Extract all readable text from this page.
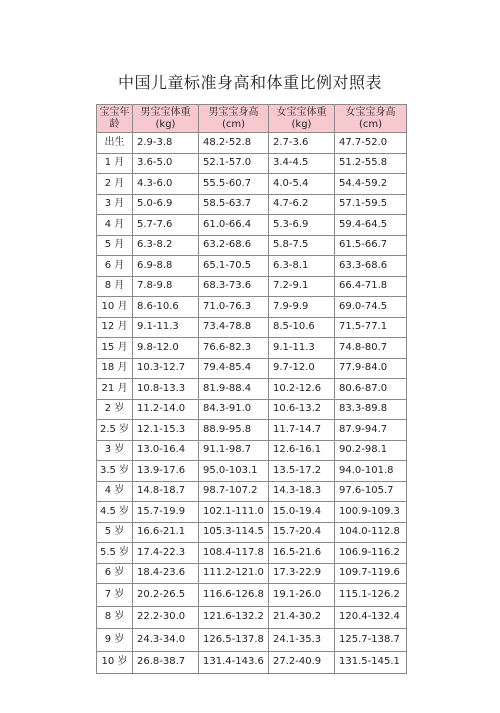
中国儿童标准身高和体重比例对照表
宝宝年龄	男宝宝体重(kg)	男宝宝身高(cm)	女宝宝体重(kg)	女宝宝身高(cm)
出生	2.9-3.8	48.2-52.8	2.7-3.6	47.7-52.0
1 月	3.6-5.0	52.1-57.0	3.4-4.5	51.2-55.8
2 月	4.3-6.0	55.5-60.7	4.0-5.4	54.4-59.2
3 月	5.0-6.9	58.5-63.7	4.7-6.2	57.1-59.5
4 月	5.7-7.6	61.0-66.4	5.3-6.9	59.4-64.5
5 月	6.3-8.2	63.2-68.6	5.8-7.5	61.5-66.7
6 月	6.9-8.8	65.1-70.5	6.3-8.1	63.3-68.6
8 月	7.8-9.8	68.3-73.6	7.2-9.1	66.4-71.8
10 月	8.6-10.6	71.0-76.3	7.9-9.9	69.0-74.5
12 月	9.1-11.3	73.4-78.8	8.5-10.6	71.5-77.1
15 月	9.8-12.0	76.6-82.3	9.1-11.3	74.8-80.7
18 月	10.3-12.7	79.4-85.4	9.7-12.0	77.9-84.0
21 月	10.8-13.3	81.9-88.4	10.2-12.6	80.6-87.0
2 岁	11.2-14.0	84.3-91.0	10.6-13.2	83.3-89.8
2.5 岁	12.1-15.3	88.9-95.8	11.7-14.7	87.9-94.7
3 岁	13.0-16.4	91.1-98.7	12.6-16.1	90.2-98.1
3.5 岁	13.9-17.6	95.0-103.1	13.5-17.2	94.0-101.8
4 岁	14.8-18.7	98.7-107.2	14.3-18.3	97.6-105.7
4.5 岁	15.7-19.9	102.1-111.0	15.0-19.4	100.9-109.3
5 岁	16.6-21.1	105.3-114.5	15.7-20.4	104.0-112.8
5.5 岁	17.4-22.3	108.4-117.8	16.5-21.6	106.9-116.2
6 岁	18.4-23.6	111.2-121.0	17.3-22.9	109.7-119.6
7 岁	20.2-26.5	116.6-126.8	19.1-26.0	115.1-126.2
8 岁	22.2-30.0	121.6-132.2	21.4-30.2	120.4-132.4
9 岁	24.3-34.0	126.5-137.8	24.1-35.3	125.7-138.7
10 岁	26.8-38.7	131.4-143.6	27.2-40.9	131.5-145.1
